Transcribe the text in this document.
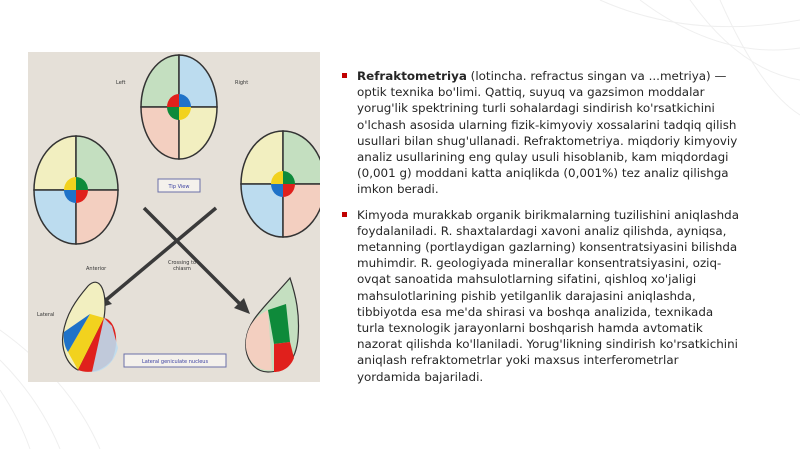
Left	Right
Tip View
Anterior
Lateral
Crossing to chiasm
Lateral geniculate nucleus
Refraktometriya (lotincha. refractus singan va ...metriya) — optik texnika bo'limi. Qattiq, suyuq va gazsimon moddalar yorug'lik spektrining turli sohalardagi sindirish ko'rsatkichini o'lchash asosida ularning fizik-kimyoviy xossalarini tadqiq qilish usullari bilan shug'ullanadi. Refraktometriya. miqdoriy kimyoviy analiz usullarining eng qulay usuli hisoblanib, kam miqdordagi (0,001 g) moddani katta aniqlikda (0,001%) tez analiz qilishga imkon beradi.
Kimyoda murakkab organik birikmalarning tuzilishini aniqlashda foydalaniladi. R. shaxtalardagi xavoni analiz qilishda, ayniqsa, metanning (portlaydigan gazlarning) konsentratsiyasini bilishda muhimdir. R. geologiyada minerallar konsentratsiyasini, oziq-ovqat sanoatida mahsulotlarning sifatini, qishloq xo'jaligi mahsulotlarining pishib yetilganlik darajasini aniqlashda, tibbiyotda esa me'da shirasi va boshqa analizida, texnikada turla texnologik jarayonlarni boshqarish hamda avtomatik nazorat qilishda ko'llaniladi. Yorug'likning sindirish ko'rsatkichini aniqlash refraktometrlar yoki maxsus interferometrlar yordamida bajariladi.
